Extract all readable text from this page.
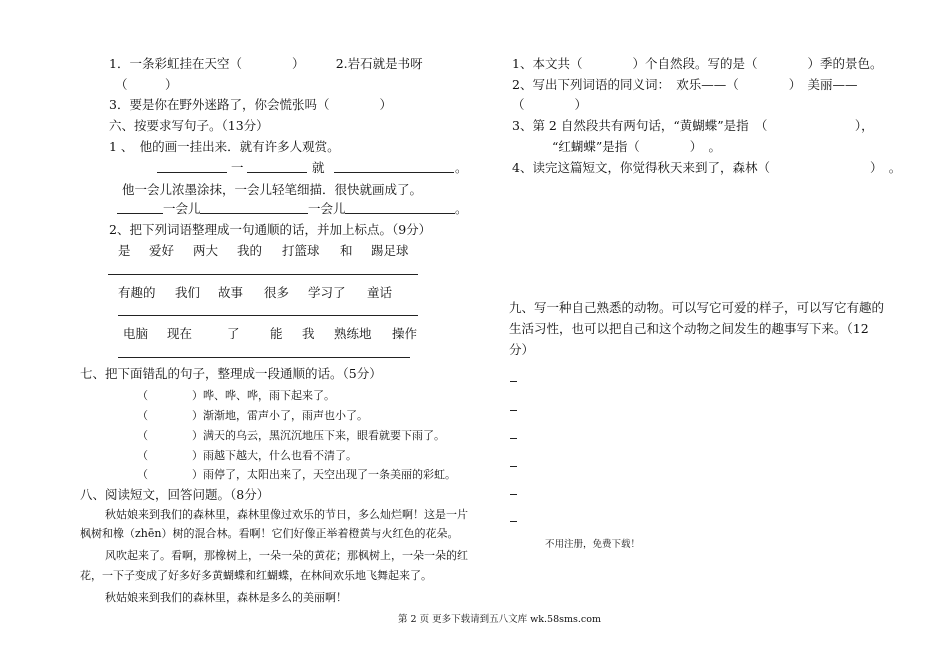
1．一条彩虹挂在天空（　　　　）　　　2.岩石就是书呀
（　　　）
3．要是你在野外迷路了，你会慌张吗（　　　　）
六、按要求写句子。（13分）
1 、　他的画一挂出来．就有许多人观赏。
一	就	。
他一会儿浓墨涂抹，一会儿轻笔细描．很快就画成了。
一会儿	一会儿	。
2、把下列词语整理成一句通顺的话，并加上标点。（9分）
是 爱好 两大 我的 打篮球 和 踢足球
有趣的 我们 故事 很多 学习了 童话
电脑 现在	了 能 我 熟练地 操作
七、把下面错乱的句子，整理成一段通顺的话。（5分）
（　　　　）哗、哗、哗，雨下起来了。
（　　　　）渐渐地，雷声小了，雨声也小了。
（　　　　）满天的乌云，黑沉沉地压下来，眼看就要下雨了。
（　　　　）雨越下越大，什么也看不清了。
（　　　　）雨停了，太阳出来了，天空出现了一条美丽的彩虹。
八、阅读短文，回答问题。（8分）
秋姑娘来到我们的森林里，森林里像过欢乐的节日，多么灿烂啊！这是一片
枫树和橡（zhēn）树的混合林。看啊！它们好像正举着橙黄与火红色的花朵。
风吹起来了。看啊，那橡树上，一朵一朵的黄花；那枫树上，一朵一朵的红
花，一下子变成了好多好多黄蝴蝶和红蝴蝶，在林间欢乐地飞舞起来了。
秋姑娘来到我们的森林里，森林是多么的美丽啊！
1、本文共（　　　　）个自然段。写的是（　　　　）季的景色。
2、写出下列词语的同义词：　欢乐——（　　　　）　美丽——
（　　　　）
3、第 2 自然段共有两句话，“黄蝴蝶”是指　（　　　　　　　），
“红蝴蝶”是指（　　　　）　。
4、读完这篇短文，你觉得秋天来到了，森林（　　　　　　　　）　。
九、写一种自己熟悉的动物。可以写它可爱的样子，可以写它有趣的
生活习性，也可以把自己和这个动物之间发生的趣事写下来。（12
分）
不用注册，免费下载！
第 2 页 更多下载请到五八文库 wk.58sms.com
